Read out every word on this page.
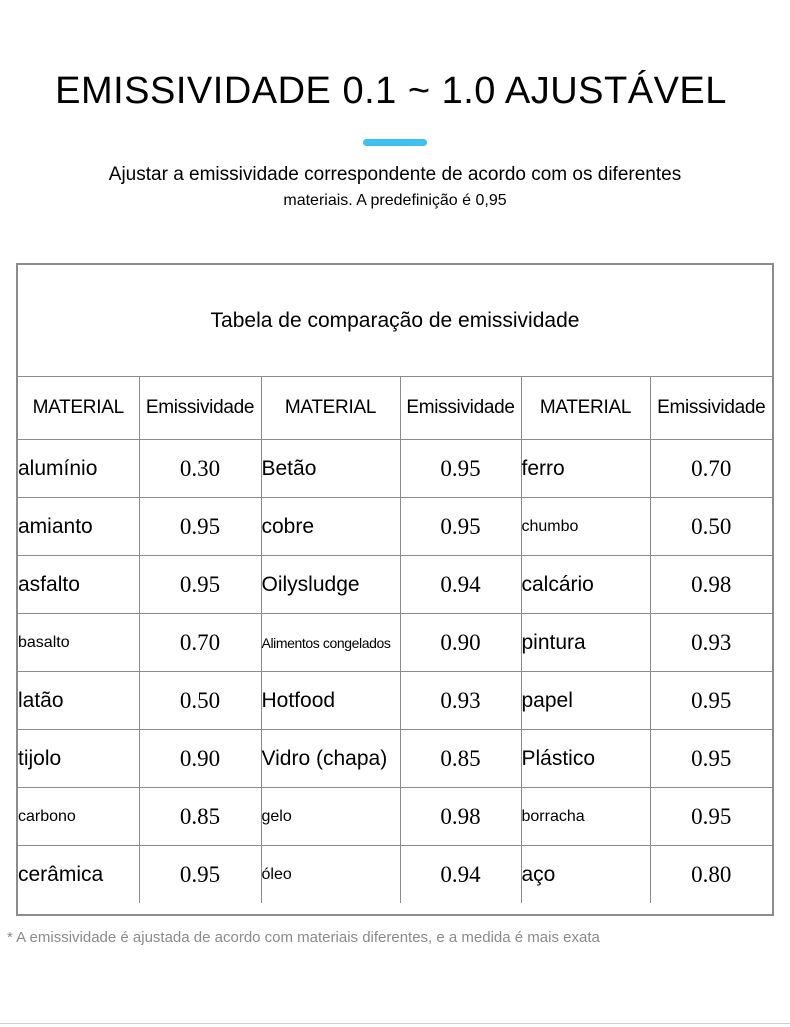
EMISSIVIDADE 0.1 ~ 1.0 AJUSTÁVEL
Ajustar a emissividade correspondente de acordo com os diferentes
materiais. A predefinição é 0,95
Tabela de comparação de emissividade
MATERIAL	Emissividade	MATERIAL	Emissividade	MATERIAL	Emissividade
alumínio	0.30	Betão	0.95	ferro	0.70
amianto	0.95	cobre	0.95	chumbo	0.50
asfalto	0.95	Oilysludge	0.94	calcário	0.98
basalto	0.70	Alimentos congelados	0.90	pintura	0.93
latão	0.50	Hotfood	0.93	papel	0.95
tijolo	0.90	Vidro (chapa)	0.85	Plástico	0.95
carbono	0.85	gelo	0.98	borracha	0.95
cerâmica	0.95	óleo	0.94	aço	0.80
* A emissividade é ajustada de acordo com materiais diferentes, e a medida é mais exata
